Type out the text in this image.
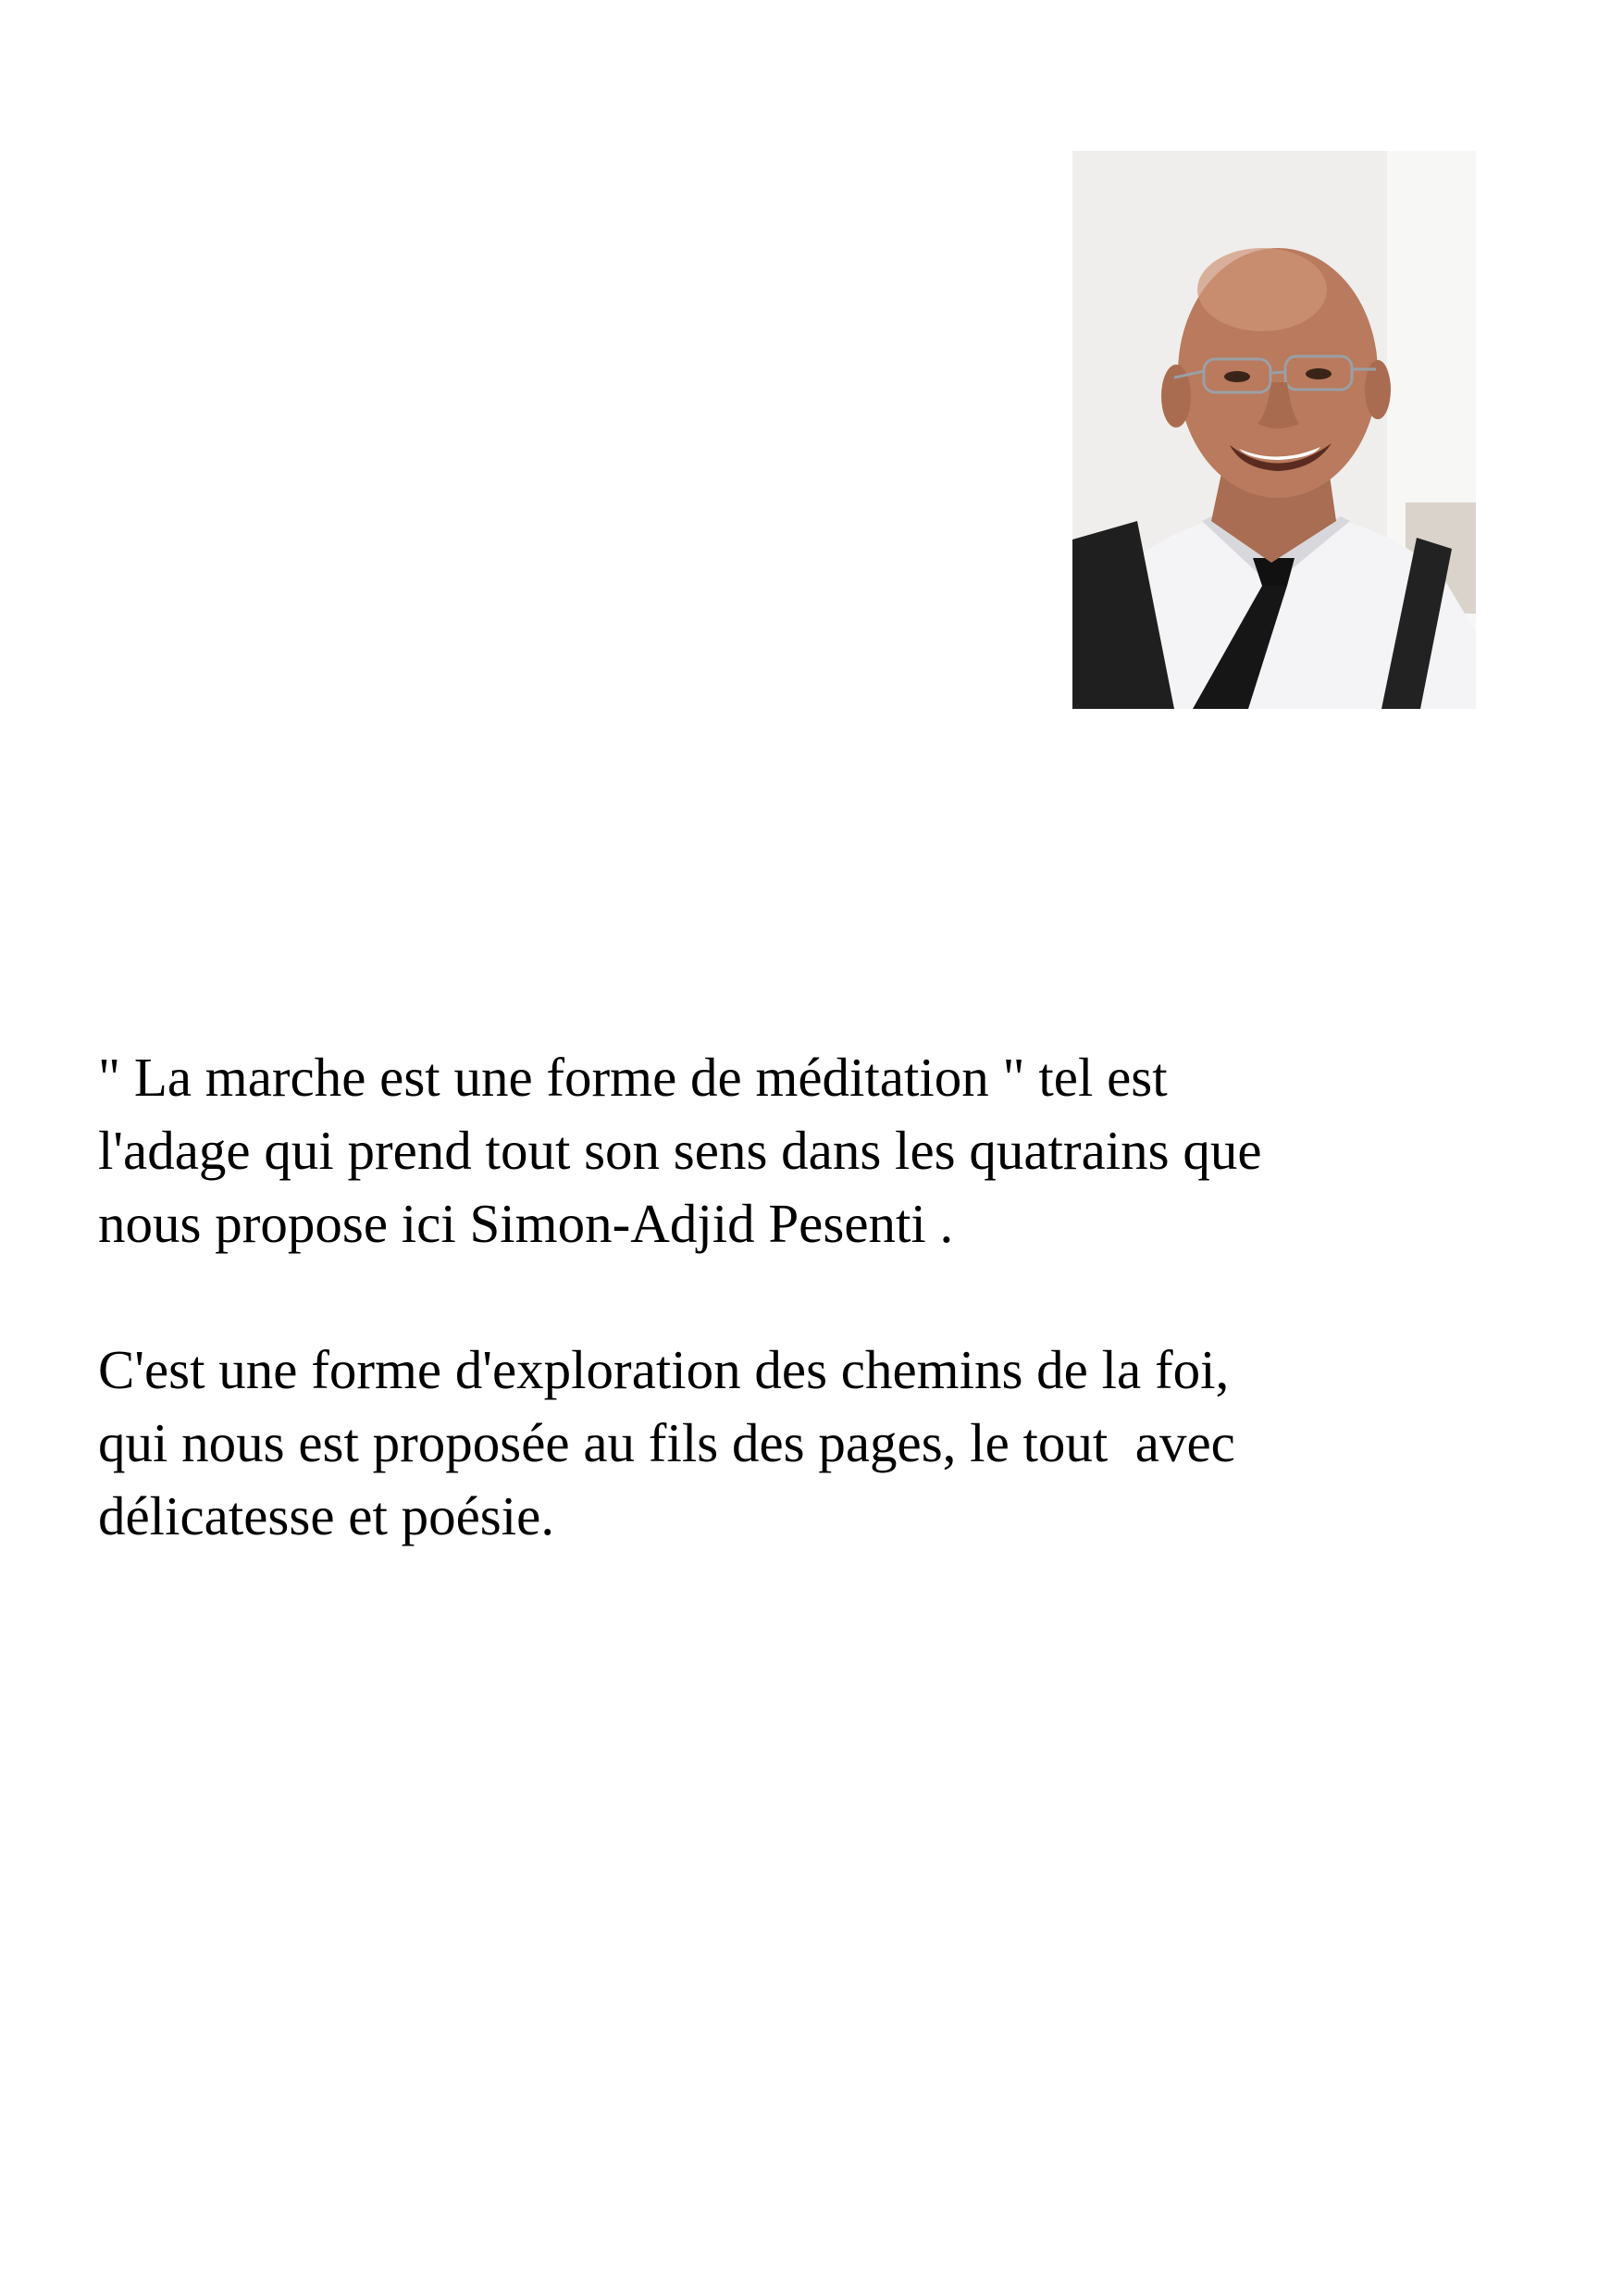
" La marche est une forme de méditation " tel est
l'adage qui prend tout son sens dans les quatrains que
nous propose ici Simon-Adjid Pesenti .

C'est une forme d'exploration des chemins de la foi,
qui nous est proposée au fils des pages, le tout  avec
délicatesse et poésie.
